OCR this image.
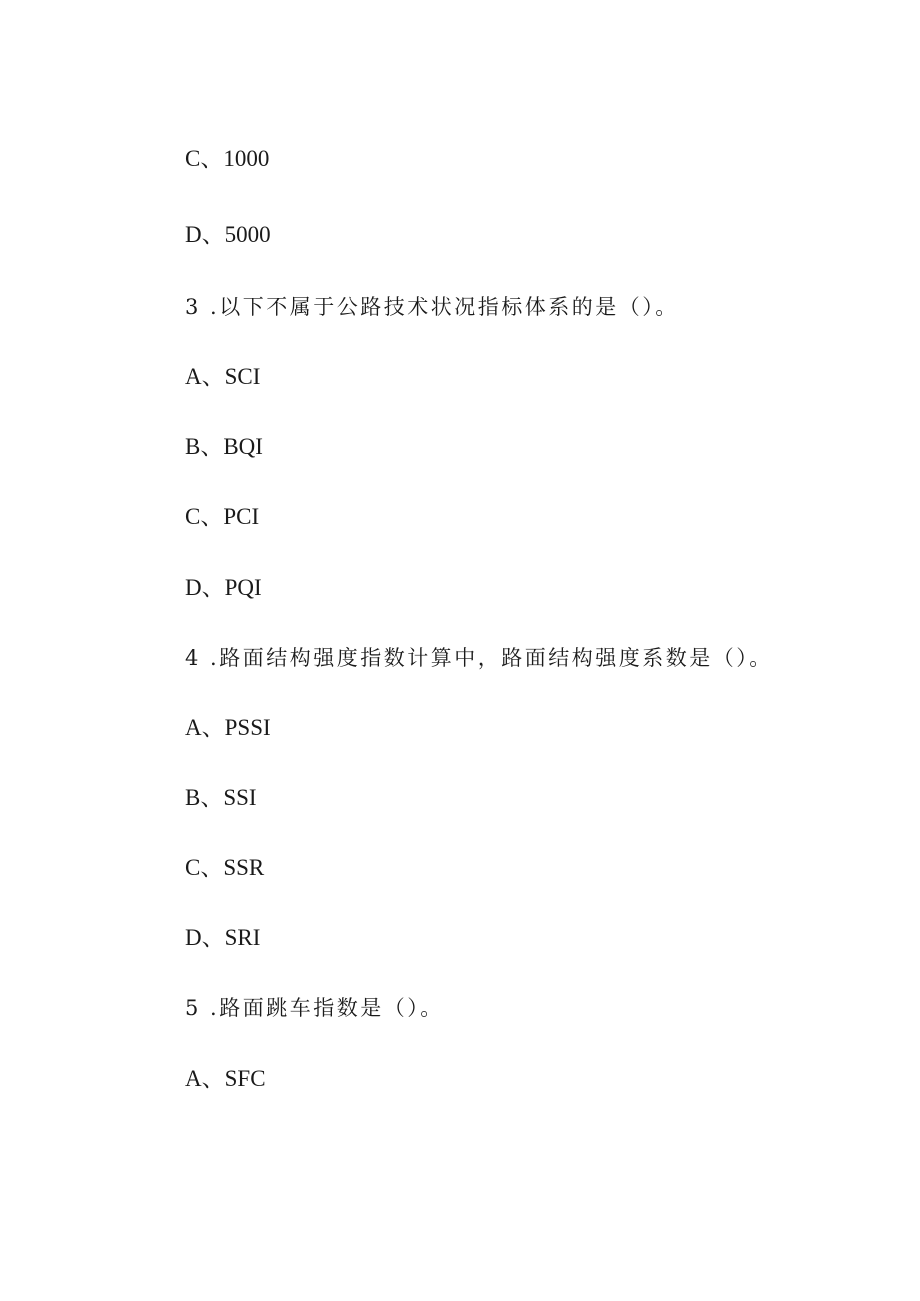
C、1000
D、5000
3 .以下不属于公路技术状况指标体系的是（）。
A、SCI
B、BQI
C、PCI
D、PQI
4 .路面结构强度指数计算中，路面结构强度系数是（）。
A、PSSI
B、SSI
C、SSR
D、SRI
5 .路面跳车指数是（）。
A、SFC
